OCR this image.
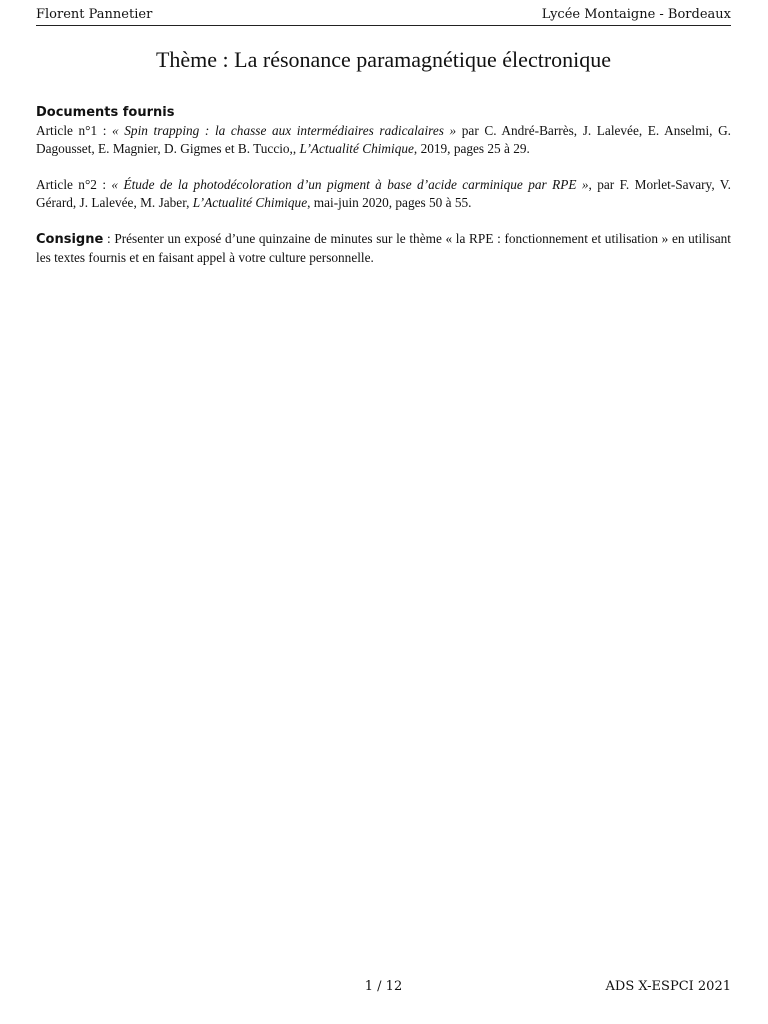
Florent Pannetier	Lycée Montaigne - Bordeaux
Thème : La résonance paramagnétique électronique
Documents fournis
Article n°1 : « Spin trapping : la chasse aux intermédiaires radicalaires » par C. André-Barrès, J. Lalevée, E. Anselmi, G. Dagousset, E. Magnier, D. Gigmes et B. Tuccio,, L’Actualité Chimique, 2019, pages 25 à 29.
Article n°2 : « Étude de la photodécoloration d’un pigment à base d’acide carminique par RPE », par F. Morlet-Savary, V. Gérard, J. Lalevée, M. Jaber, L’Actualité Chimique, mai-juin 2020, pages 50 à 55.
Consigne : Présenter un exposé d’une quinzaine de minutes sur le thème « la RPE : fonctionnement et utilisation » en utilisant les textes fournis et en faisant appel à votre culture personnelle.
1 / 12	ADS X-ESPCI 2021
